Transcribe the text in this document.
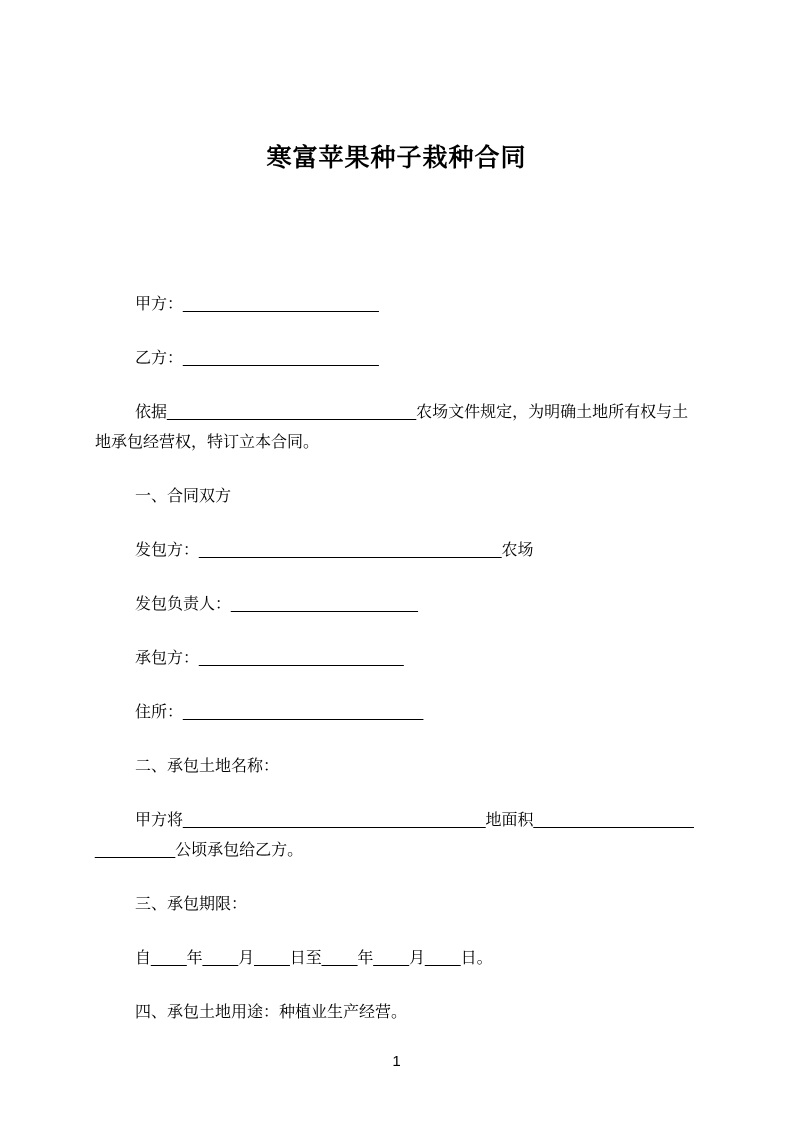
寒富苹果种子栽种合同

甲方：______________________

乙方：______________________

依据____________________________农场文件规定，为明确土地所有权与土地承包经营权，特订立本合同。

一、合同双方

发包方：__________________________________农场

发包负责人：_____________________

承包方：_______________________

住所：___________________________

二、承包土地名称：

甲方将__________________________________地面积___________________________公顷承包给乙方。

三、承包期限：

自____年____月____日至____年____月____日。

四、承包土地用途：种植业生产经营。

1
